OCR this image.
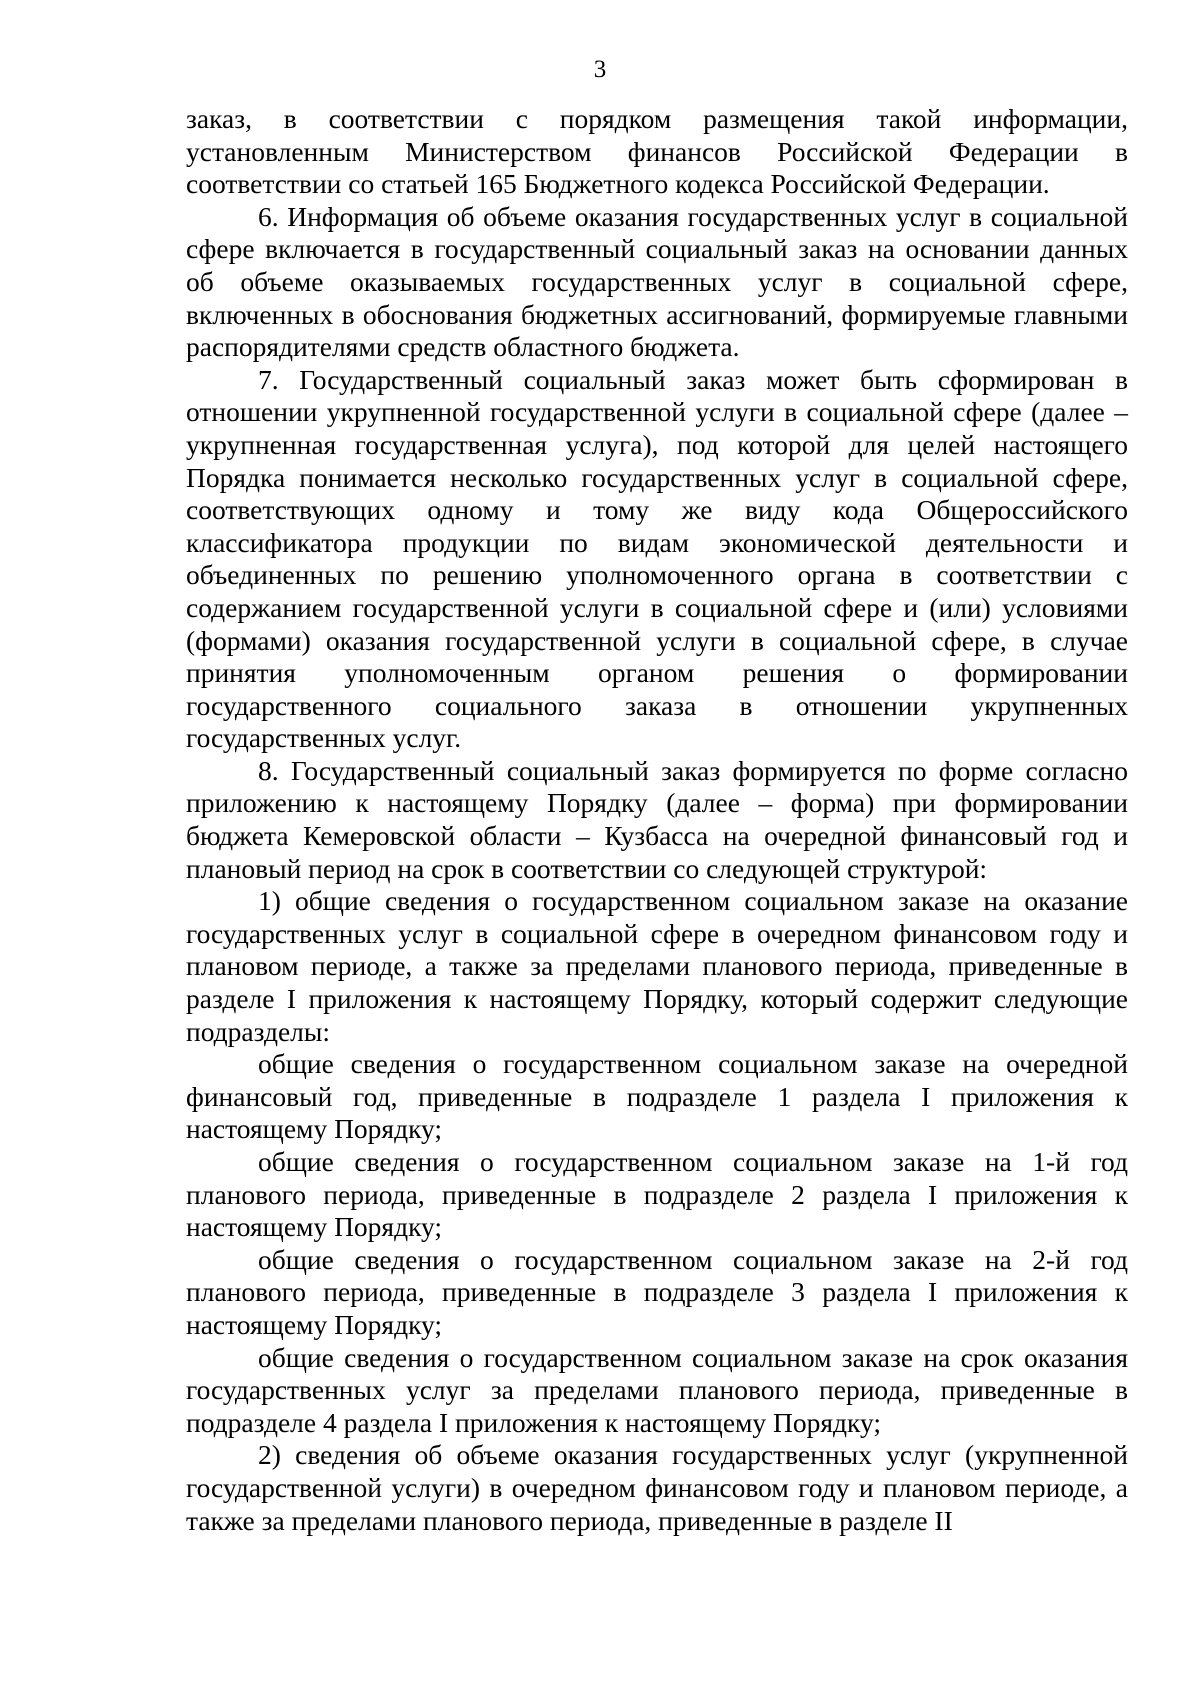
3

заказ, в соответствии с порядком размещения такой информации, установленным Министерством финансов Российской Федерации в соответствии со статьей 165 Бюджетного кодекса Российской Федерации.

6. Информация об объеме оказания государственных услуг в социальной сфере включается в государственный социальный заказ на основании данных об объеме оказываемых государственных услуг в социальной сфере, включенных в обоснования бюджетных ассигнований, формируемые главными распорядителями средств областного бюджета.

7. Государственный социальный заказ может быть сформирован в отношении укрупненной государственной услуги в социальной сфере (далее – укрупненная государственная услуга), под которой для целей настоящего Порядка понимается несколько государственных услуг в социальной сфере, соответствующих одному и тому же виду кода Общероссийского классификатора продукции по видам экономической деятельности и объединенных по решению уполномоченного органа в соответствии с содержанием государственной услуги в социальной сфере и (или) условиями (формами) оказания государственной услуги в социальной сфере, в случае принятия уполномоченным органом решения о формировании государственного социального заказа в отношении укрупненных государственных услуг.

8. Государственный социальный заказ формируется по форме согласно приложению к настоящему Порядку (далее – форма) при формировании бюджета Кемеровской области – Кузбасса на очередной финансовый год и плановый период на срок в соответствии со следующей структурой:

1) общие сведения о государственном социальном заказе на оказание государственных услуг в социальной сфере в очередном финансовом году и плановом периоде, а также за пределами планового периода, приведенные в разделе I приложения к настоящему Порядку, который содержит следующие подразделы:

общие сведения о государственном социальном заказе на очередной финансовый год, приведенные в подразделе 1 раздела I приложения к настоящему Порядку;

общие сведения о государственном социальном заказе на 1-й год планового периода, приведенные в подразделе 2 раздела I приложения к настоящему Порядку;

общие сведения о государственном социальном заказе на 2-й год планового периода, приведенные в подразделе 3 раздела I приложения к настоящему Порядку;

общие сведения о государственном социальном заказе на срок оказания государственных услуг за пределами планового периода, приведенные в подразделе 4 раздела I приложения к настоящему Порядку;

2) сведения об объеме оказания государственных услуг (укрупненной государственной услуги) в очередном финансовом году и плановом периоде, а также за пределами планового периода, приведенные в разделе II
